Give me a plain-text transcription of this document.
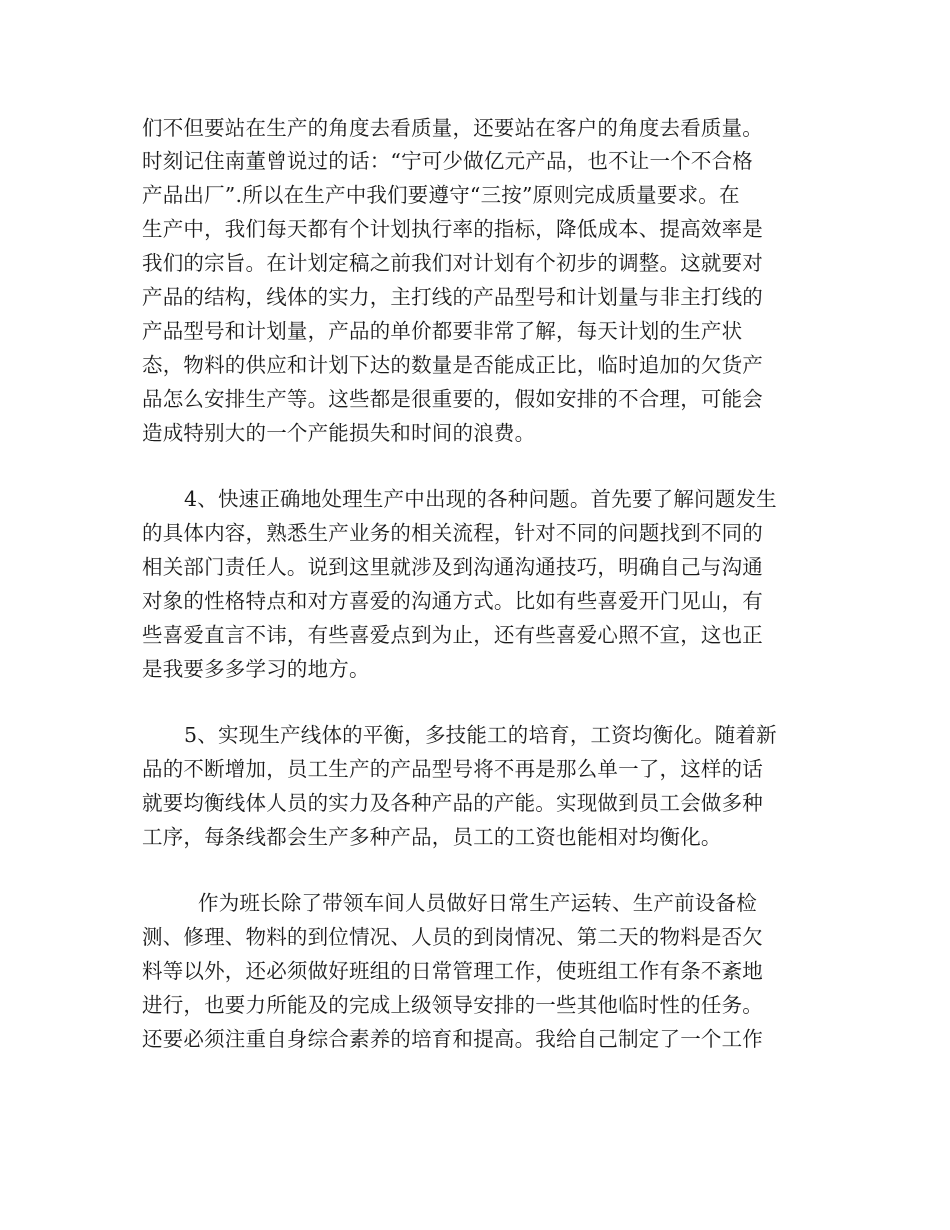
们不但要站在生产的角度去看质量，还要站在客户的角度去看质量。
时刻记住南董曾说过的话：“宁可少做亿元产品，也不让一个不合格
产品出厂”.所以在生产中我们要遵守“三按”原则完成质量要求。在
生产中，我们每天都有个计划执行率的指标，降低成本、提高效率是
我们的宗旨。在计划定稿之前我们对计划有个初步的调整。这就要对
产品的结构，线体的实力，主打线的产品型号和计划量与非主打线的
产品型号和计划量，产品的单价都要非常了解，每天计划的生产状
态，物料的供应和计划下达的数量是否能成正比，临时追加的欠货产
品怎么安排生产等。这些都是很重要的，假如安排的不合理，可能会
造成特别大的一个产能损失和时间的浪费。
4、快速正确地处理生产中出现的各种问题。首先要了解问题发生
的具体内容，熟悉生产业务的相关流程，针对不同的问题找到不同的
相关部门责任人。说到这里就涉及到沟通沟通技巧，明确自己与沟通
对象的性格特点和对方喜爱的沟通方式。比如有些喜爱开门见山，有
些喜爱直言不讳，有些喜爱点到为止，还有些喜爱心照不宣，这也正
是我要多多学习的地方。
5、实现生产线体的平衡，多技能工的培育，工资均衡化。随着新
品的不断增加，员工生产的产品型号将不再是那么单一了，这样的话
就要均衡线体人员的实力及各种产品的产能。实现做到员工会做多种
工序，每条线都会生产多种产品，员工的工资也能相对均衡化。
作为班长除了带领车间人员做好日常生产运转、生产前设备检
测、修理、物料的到位情况、人员的到岗情况、第二天的物料是否欠
料等以外，还必须做好班组的日常管理工作，使班组工作有条不紊地
进行，也要力所能及的完成上级领导安排的一些其他临时性的任务。
还要必须注重自身综合素养的培育和提高。我给自己制定了一个工作
